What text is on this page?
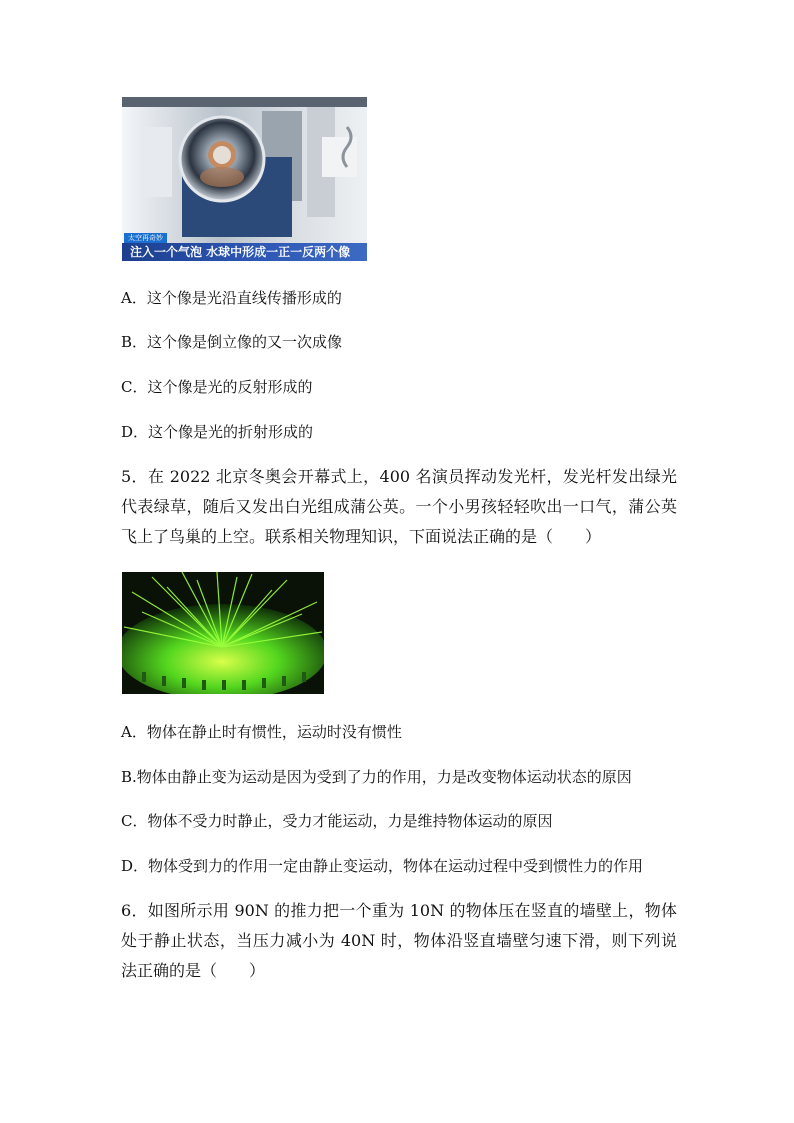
太空再奇妙
注入一个气泡 水球中形成一正一反两个像
A．这个像是光沿直线传播形成的
B．这个像是倒立像的又一次成像
C．这个像是光的反射形成的
D．这个像是光的折射形成的
5．在 2022 北京冬奥会开幕式上，400 名演员挥动发光杆，发光杆发出绿光代表绿草，随后又发出白光组成蒲公英。一个小男孩轻轻吹出一口气，蒲公英飞上了鸟巢的上空。联系相关物理知识，下面说法正确的是（　　）
A．物体在静止时有惯性，运动时没有惯性
B.物体由静止变为运动是因为受到了力的作用，力是改变物体运动状态的原因
C．物体不受力时静止，受力才能运动，力是维持物体运动的原因
D．物体受到力的作用一定由静止变运动，物体在运动过程中受到惯性力的作用
6．如图所示用 90N 的推力把一个重为 10N 的物体压在竖直的墙壁上，物体处于静止状态，当压力减小为 40N 时，物体沿竖直墙壁匀速下滑，则下列说法正确的是（　　）
